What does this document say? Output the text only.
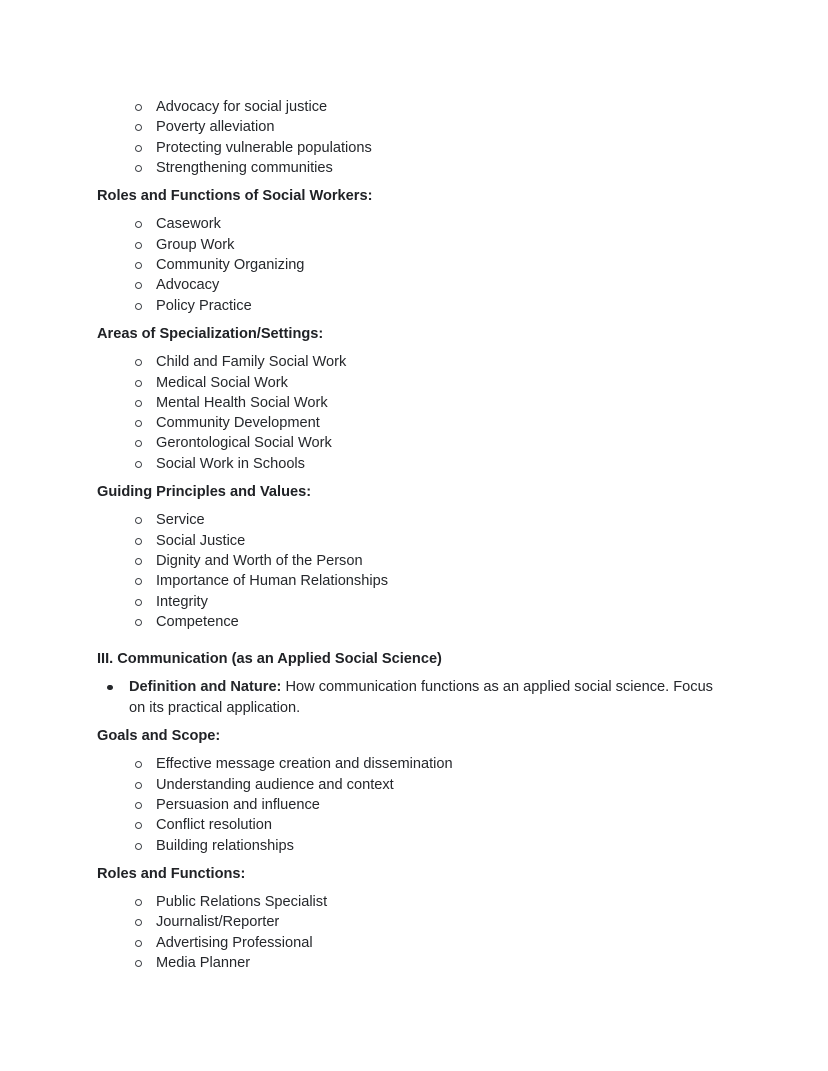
Advocacy for social justice
Poverty alleviation
Protecting vulnerable populations
Strengthening communities
Roles and Functions of Social Workers:
Casework
Group Work
Community Organizing
Advocacy
Policy Practice
Areas of Specialization/Settings:
Child and Family Social Work
Medical Social Work
Mental Health Social Work
Community Development
Gerontological Social Work
Social Work in Schools
Guiding Principles and Values:
Service
Social Justice
Dignity and Worth of the Person
Importance of Human Relationships
Integrity
Competence
III. Communication (as an Applied Social Science)
Definition and Nature: How communication functions as an applied social science. Focus on its practical application.
Goals and Scope:
Effective message creation and dissemination
Understanding audience and context
Persuasion and influence
Conflict resolution
Building relationships
Roles and Functions:
Public Relations Specialist
Journalist/Reporter
Advertising Professional
Media Planner
